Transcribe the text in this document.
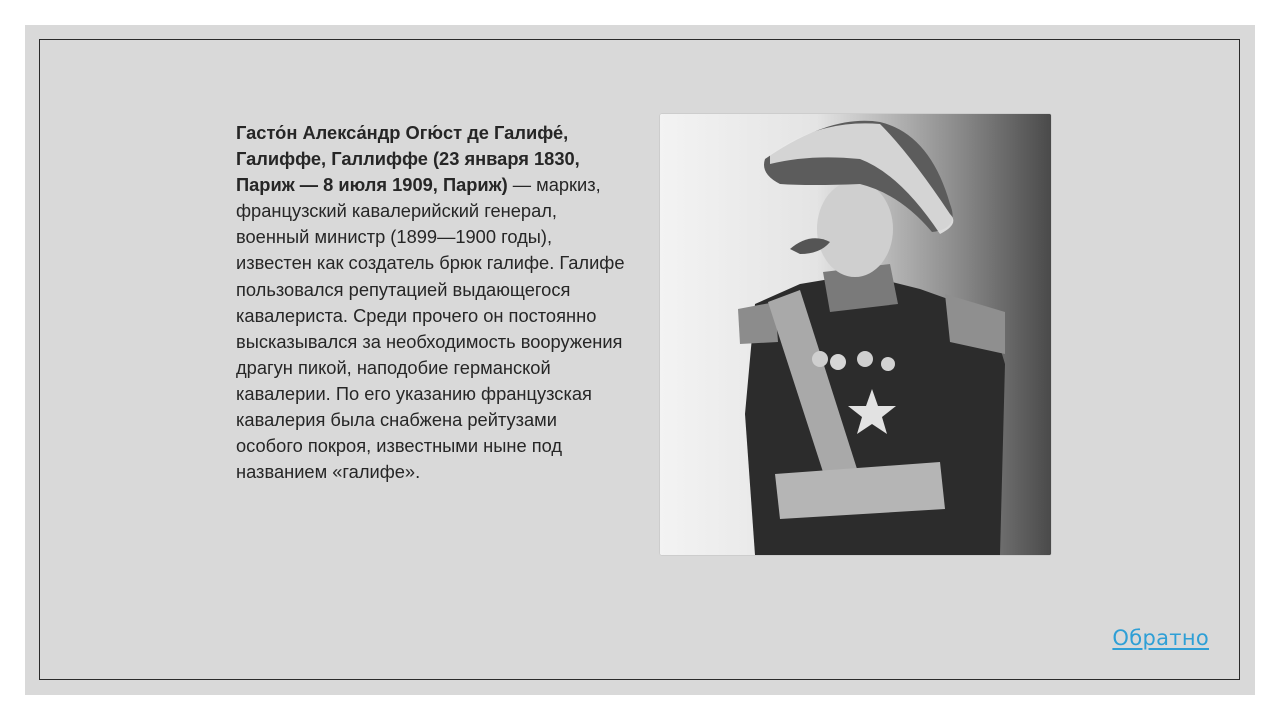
Гасто́н Алекса́ндр Огю́ст де Галифе́, Галиффе, Галлиффе (23 января 1830, Париж — 8 июля 1909, Париж) — маркиз, французский кавалерийский генерал, военный министр (1899—1900 годы), известен как создатель брюк галифе. Галифе пользовался репутацией выдающегося кавалериста. Среди прочего он постоянно высказывался за необходимость вооружения драгун пикой, наподобие германской кавалерии. По его указанию французская кавалерия была снабжена рейтузами особого покроя, известными ныне под названием «галифе».
Обратно
